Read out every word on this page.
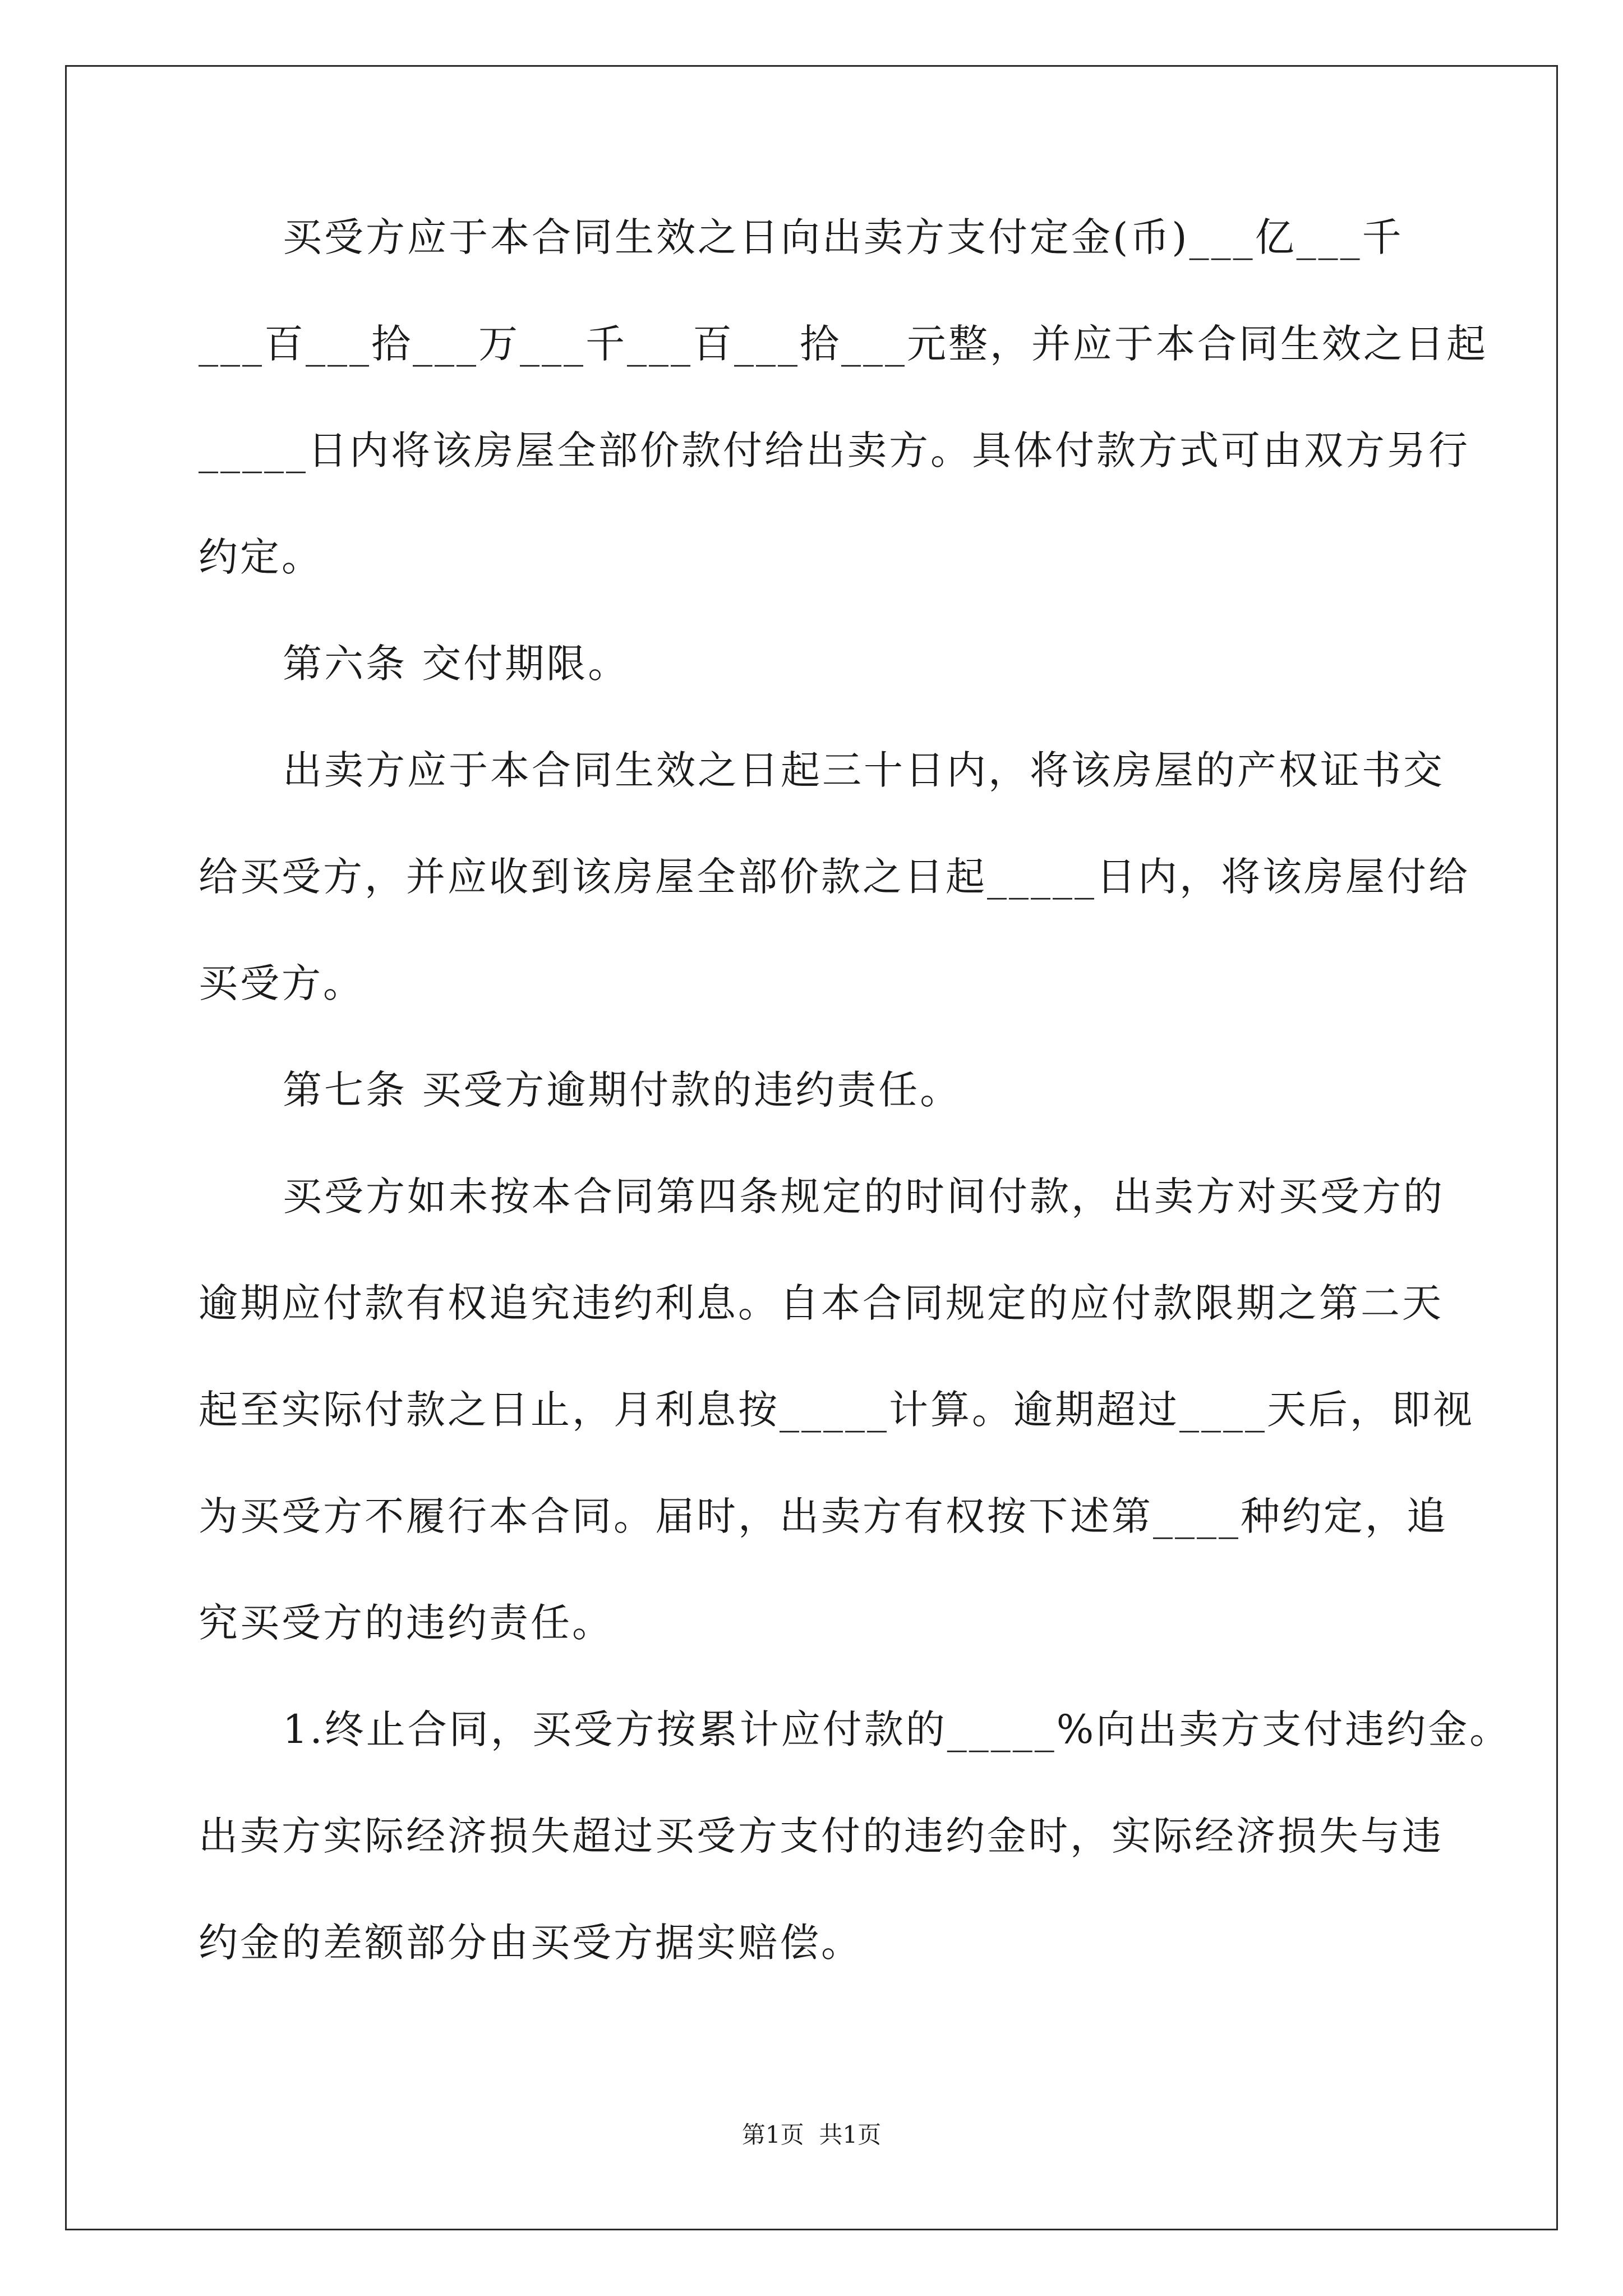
买受方应于本合同生效之日向出卖方支付定金(币)___亿___千
___百___拾___万___千___百___拾___元整，并应于本合同生效之日起
_____日内将该房屋全部价款付给出卖方。具体付款方式可由双方另行
约定。
第六条 交付期限。
出卖方应于本合同生效之日起三十日内，将该房屋的产权证书交
给买受方，并应收到该房屋全部价款之日起_____日内，将该房屋付给
买受方。
第七条 买受方逾期付款的违约责任。
买受方如未按本合同第四条规定的时间付款，出卖方对买受方的
逾期应付款有权追究违约利息。自本合同规定的应付款限期之第二天
起至实际付款之日止，月利息按_____计算。逾期超过____天后，即视
为买受方不履行本合同。届时，出卖方有权按下述第____种约定，追
究买受方的违约责任。
1.终止合同，买受方按累计应付款的_____%向出卖方支付违约金。
出卖方实际经济损失超过买受方支付的违约金时，实际经济损失与违
约金的差额部分由买受方据实赔偿。
第1页  共1页
